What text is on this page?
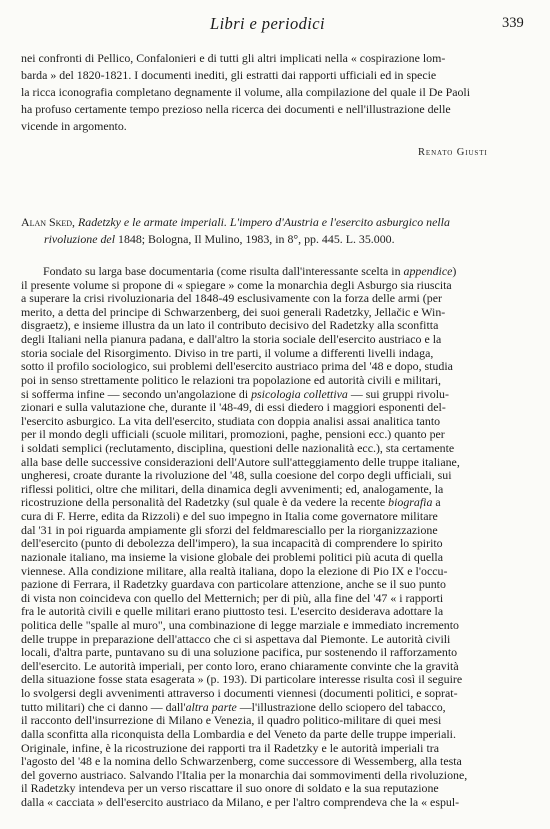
Libri e periodici	339
nei confronti di Pellico, Confalonieri e di tutti gli altri implicati nella « cospirazione lom-
barda » del 1820-1821. I documenti inediti, gli estratti dai rapporti ufficiali ed in specie
la ricca iconografia completano degnamente il volume, alla compilazione del quale il De Paoli
ha profuso certamente tempo prezioso nella ricerca dei documenti e nell'illustrazione delle
vicende in argomento.
Renato Giusti
Alan Sked, Radetzky e le armate imperiali. L'impero d'Austria e l'esercito asburgico nella
rivoluzione del 1848; Bologna, Il Mulino, 1983, in 8°, pp. 445. L. 35.000.
Fondato su larga base documentaria (come risulta dall'interessante scelta in appendice)
il presente volume si propone di « spiegare » come la monarchia degli Asburgo sia riuscita
a superare la crisi rivoluzionaria del 1848-49 esclusivamente con la forza delle armi (per
merito, a detta del principe di Schwarzenberg, dei suoi generali Radetzky, Jellačic e Win-
disgraetz), e insieme illustra da un lato il contributo decisivo del Radetzky alla sconfitta
degli Italiani nella pianura padana, e dall'altro la storia sociale dell'esercito austriaco e la
storia sociale del Risorgimento. Diviso in tre parti, il volume a differenti livelli indaga,
sotto il profilo sociologico, sui problemi dell'esercito austriaco prima del '48 e dopo, studia
poi in senso strettamente politico le relazioni tra popolazione ed autorità civili e militari,
si sofferma infine — secondo un'angolazione di psicologia collettiva — sui gruppi rivolu-
zionari e sulla valutazione che, durante il '48-49, di essi diedero i maggiori esponenti del-
l'esercito asburgico. La vita dell'esercito, studiata con doppia analisi assai analitica tanto
per il mondo degli ufficiali (scuole militari, promozioni, paghe, pensioni ecc.) quanto per
i soldati semplici (reclutamento, disciplina, questioni delle nazionalità ecc.), sta certamente
alla base delle successive considerazioni dell'Autore sull'atteggiamento delle truppe italiane,
ungheresi, croate durante la rivoluzione del '48, sulla coesione del corpo degli ufficiali, sui
riflessi politici, oltre che militari, della dinamica degli avvenimenti; ed, analogamente, la
ricostruzione della personalità del Radetzky (sul quale è da vedere la recente biografia a
cura di F. Herre, edita da Rizzoli) e del suo impegno in Italia come governatore militare
dal '31 in poi riguarda ampiamente gli sforzi del feldmaresciallo per la riorganizzazione
dell'esercito (punto di debolezza dell'impero), la sua incapacità di comprendere lo spirito
nazionale italiano, ma insieme la visione globale dei problemi politici più acuta di quella
viennese. Alla condizione militare, alla realtà italiana, dopo la elezione di Pio IX e l'occu-
pazione di Ferrara, il Radetzky guardava con particolare attenzione, anche se il suo punto
di vista non coincideva con quello del Metternich; per di più, alla fine del '47 « i rapporti
fra le autorità civili e quelle militari erano piuttosto tesi. L'esercito desiderava adottare la
politica delle "spalle al muro", una combinazione di legge marziale e immediato incremento
delle truppe in preparazione dell'attacco che ci si aspettava dal Piemonte. Le autorità civili
locali, d'altra parte, puntavano su di una soluzione pacifica, pur sostenendo il rafforzamento
dell'esercito. Le autorità imperiali, per conto loro, erano chiaramente convinte che la gravità
della situazione fosse stata esagerata » (p. 193). Di particolare interesse risulta così il seguire
lo svolgersi degli avvenimenti attraverso i documenti viennesi (documenti politici, e soprat-
tutto militari) che ci danno — dall'altra parte —l'illustrazione dello sciopero del tabacco,
il racconto dell'insurrezione di Milano e Venezia, il quadro politico-militare di quei mesi
dalla sconfitta alla riconquista della Lombardia e del Veneto da parte delle truppe imperiali.
Originale, infine, è la ricostruzione dei rapporti tra il Radetzky e le autorità imperiali tra
l'agosto del '48 e la nomina dello Schwarzenberg, come successore di Wessemberg, alla testa
del governo austriaco. Salvando l'Italia per la monarchia dai sommovimenti della rivoluzione,
il Radetzky intendeva per un verso riscattare il suo onore di soldato e la sua reputazione
dalla « cacciata » dell'esercito austriaco da Milano, e per l'altro comprendeva che la « espul-
